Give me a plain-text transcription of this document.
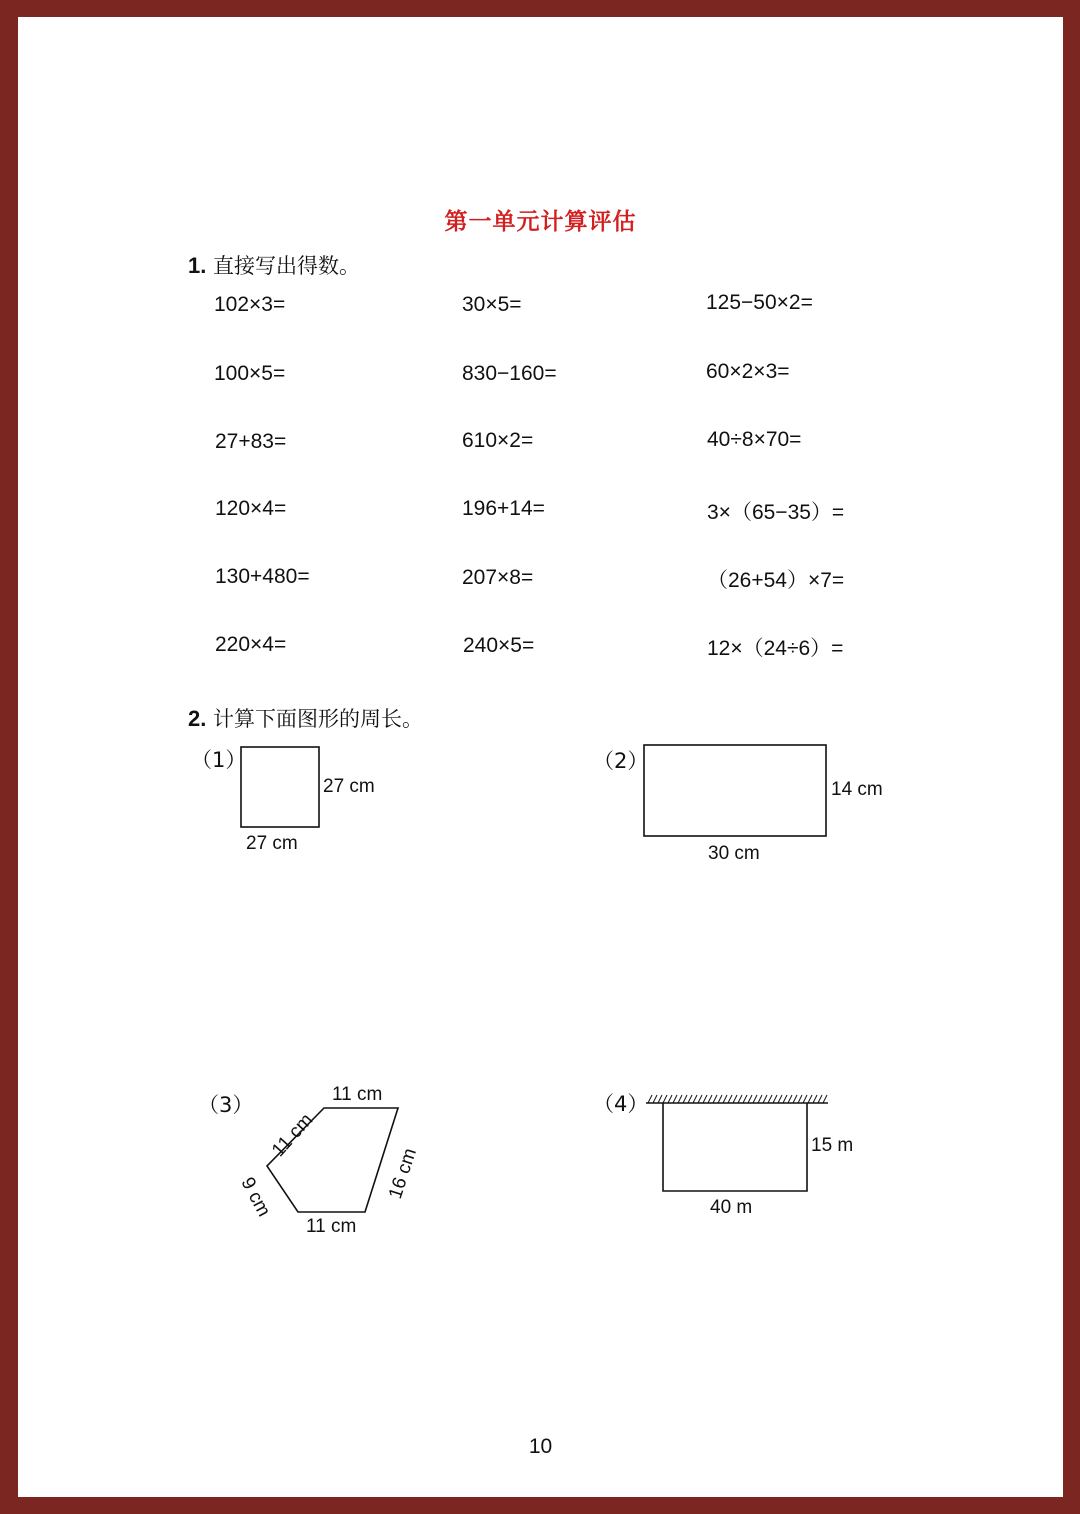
第一单元计算评估
1. 直接写出得数。
102×3=	30×5=	125−50×2=
100×5=	830−160=	60×2×3=
27+83=	610×2=	40÷8×70=
120×4=	196+14=	3×（65−35）=
130+480=	207×8=	（26+54）×7=
220×4=	240×5=	12×（24÷6）=
2. 计算下面图形的周长。
（1）
27 cm
27 cm
（2）
14 cm
30 cm
（3）	11 cm
11 cm
9 cm
11 cm
16 cm
（4）
15 m
40 m
10
